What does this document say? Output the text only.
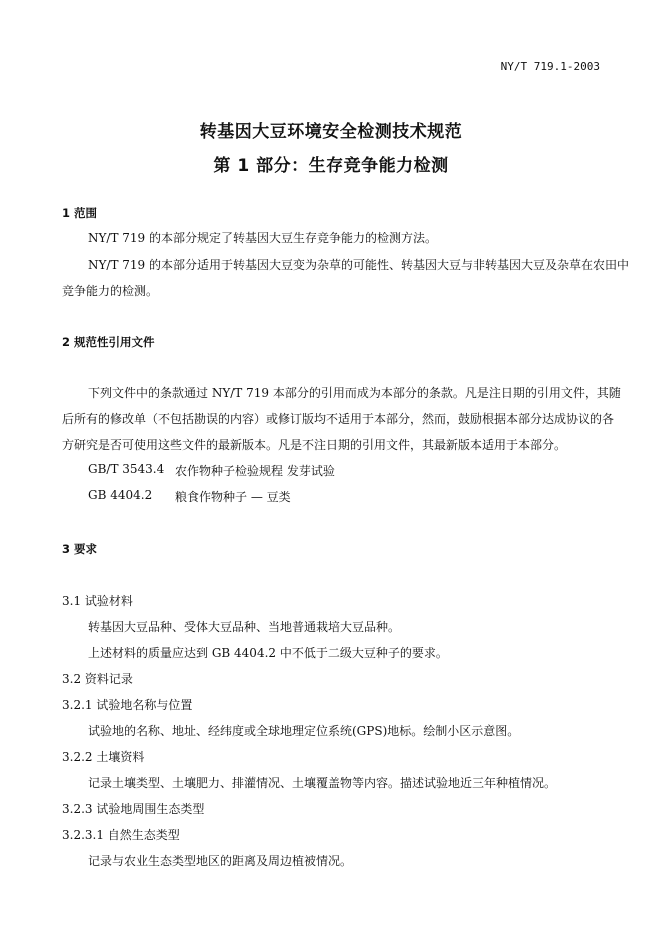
NY/T 719.1-2003
转基因大豆环境安全检测技术规范
第 1 部分：生存竞争能力检测
1 范围
NY/T 719 的本部分规定了转基因大豆生存竞争能力的检测方法。
NY/T 719 的本部分适用于转基因大豆变为杂草的可能性、转基因大豆与非转基因大豆及杂草在农田中
竞争能力的检测。
2 规范性引用文件
下列文件中的条款通过 NY/T 719 本部分的引用而成为本部分的条款。凡是注日期的引用文件，其随
后所有的修改单（不包括勘误的内容）或修订版均不适用于本部分，然而，鼓励根据本部分达成协议的各
方研究是否可使用这些文件的最新版本。凡是不注日期的引用文件，其最新版本适用于本部分。
GB/T 3543.4 农作物种子检验规程 发芽试验
GB 4404.2 粮食作物种子 — 豆类
3 要求
3.1 试验材料
转基因大豆品种、受体大豆品种、当地普通栽培大豆品种。
上述材料的质量应达到 GB 4404.2 中不低于二级大豆种子的要求。
3.2 资料记录
3.2.1 试验地名称与位置
试验地的名称、地址、经纬度或全球地理定位系统(GPS)地标。绘制小区示意图。
3.2.2 土壤资料
记录土壤类型、土壤肥力、排灌情况、土壤覆盖物等内容。描述试验地近三年种植情况。
3.2.3 试验地周围生态类型
3.2.3.1 自然生态类型
记录与农业生态类型地区的距离及周边植被情况。
